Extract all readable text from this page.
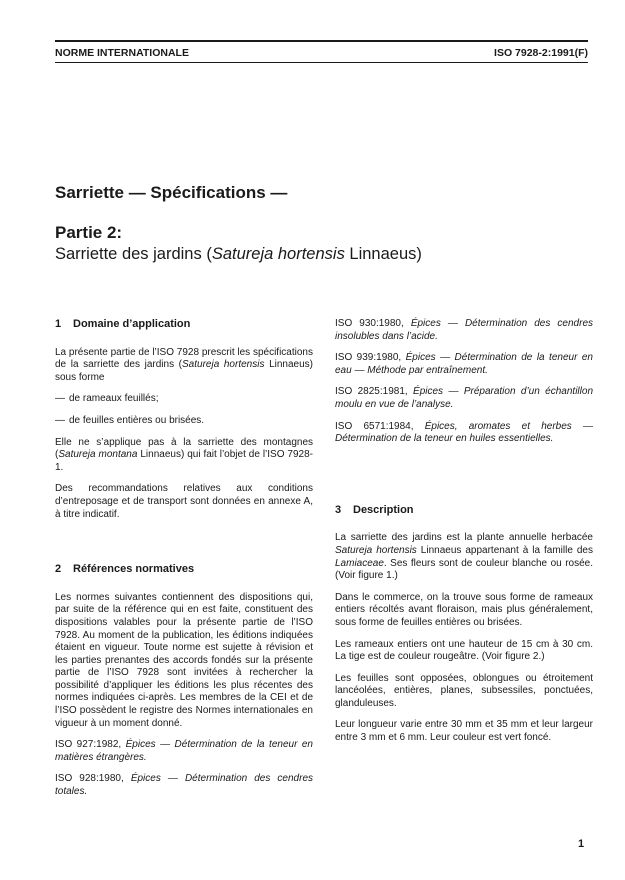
NORME INTERNATIONALE	ISO 7928-2:1991(F)
Sarriette — Spécifications —
Partie 2:
Sarriette des jardins (Satureja hortensis Linnaeus)
1 Domaine d’application

La présente partie de l’ISO 7928 prescrit les spécifications de la sarriette des jardins (Satureja hortensis Linnaeus) sous forme

— de rameaux feuillés;
— de feuilles entières ou brisées.

Elle ne s’applique pas à la sarriette des montagnes (Satureja montana Linnaeus) qui fait l’objet de l’ISO 7928-1.

Des recommandations relatives aux conditions d’entreposage et de transport sont données en annexe A, à titre indicatif.

2 Références normatives

Les normes suivantes contiennent des dispositions qui, par suite de la référence qui en est faite, constituent des dispositions valables pour la présente partie de l’ISO 7928. Au moment de la publication, les éditions indiquées étaient en vigueur. Toute norme est sujette à révision et les parties prenantes des accords fondés sur la présente partie de l’ISO 7928 sont invitées à rechercher la possibilité d’appliquer les éditions les plus récentes des normes indiquées ci-après. Les membres de la CEI et de l’ISO possèdent le registre des Normes internationales en vigueur à un moment donné.

ISO 927:1982, Épices — Détermination de la teneur en matières étrangères.

ISO 928:1980, Épices — Détermination des cendres totales.

ISO 930:1980, Épices — Détermination des cendres insolubles dans l’acide.

ISO 939:1980, Épices — Détermination de la teneur en eau — Méthode par entraînement.

ISO 2825:1981, Épices — Préparation d’un échantillon moulu en vue de l’analyse.

ISO 6571:1984, Épices, aromates et herbes — Détermination de la teneur en huiles essentielles.

3 Description

La sarriette des jardins est la plante annuelle herbacée Satureja hortensis Linnaeus appartenant à la famille des Lamiaceae. Ses fleurs sont de couleur blanche ou rosée. (Voir figure 1.)

Dans le commerce, on la trouve sous forme de rameaux entiers récoltés avant floraison, mais plus généralement, sous forme de feuilles entières ou brisées.

Les rameaux entiers ont une hauteur de 15 cm à 30 cm. La tige est de couleur rougeâtre. (Voir figure 2.)

Les feuilles sont opposées, oblongues ou étroitement lancéolées, entières, planes, subsessiles, ponctuées, glanduleuses.

Leur longueur varie entre 30 mm et 35 mm et leur largeur entre 3 mm et 6 mm. Leur couleur est vert foncé.

1
